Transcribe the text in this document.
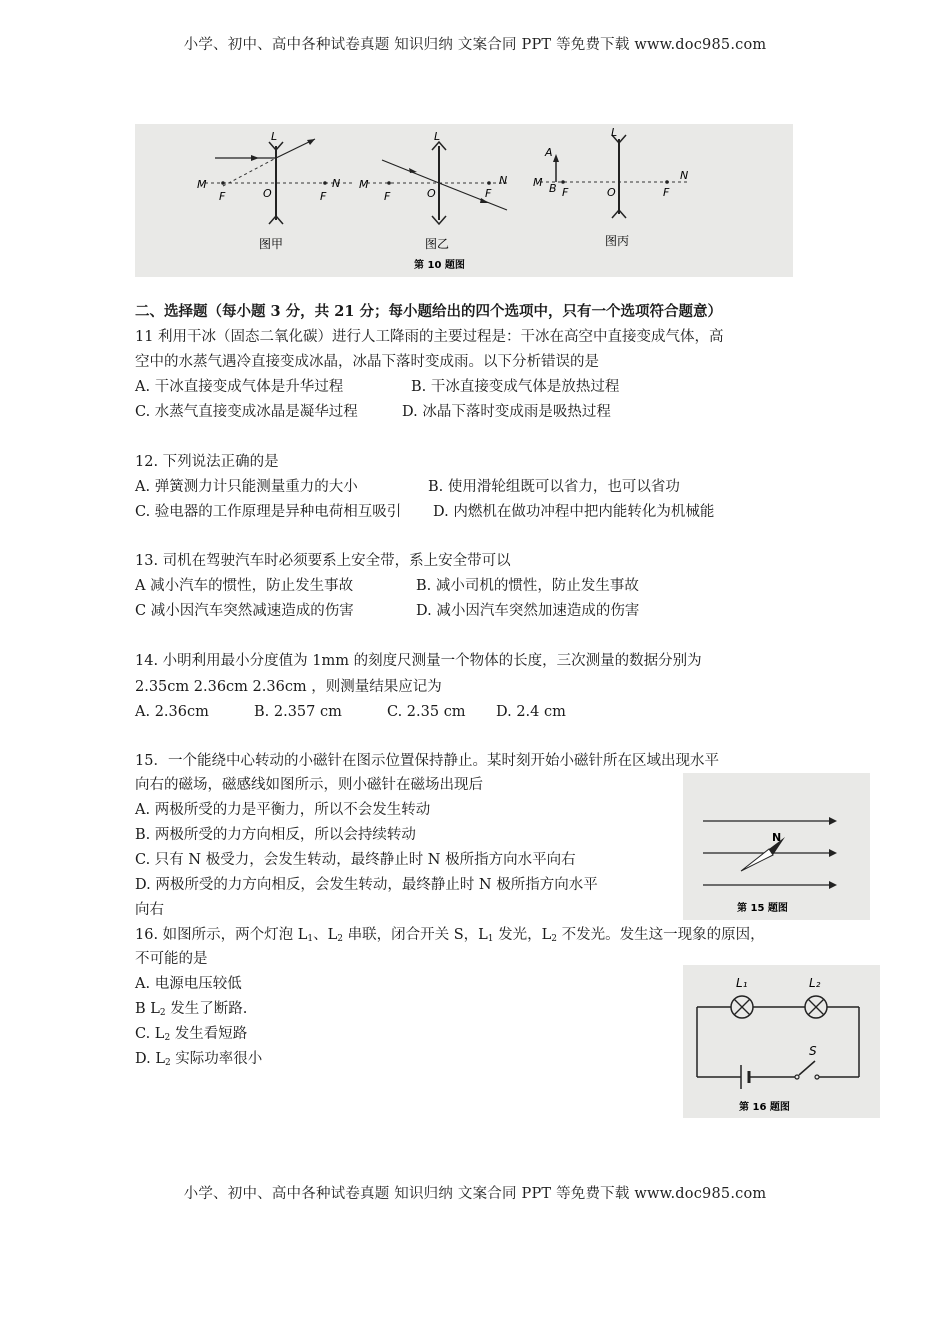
小学、初中、高中各种试卷真题 知识归纳 文案合同 PPT 等免费下载 www.doc985.com
M	N
L
O
F	F
图甲
M	N
L
O
F	F
图乙
M
N
L
O
A
B F	F
图丙
第 10 题图
二、选择题（每小题 3 分，共 21 分；每小题给出的四个选项中，只有一个选项符合题意）
11 利用干冰（固态二氧化碳）进行人工降雨的主要过程是：干冰在高空中直接变成气体，高
空中的水蒸气遇冷直接变成冰晶，冰晶下落时变成雨。以下分析错误的是
A. 干冰直接变成气体是升华过程	B. 干冰直接变成气体是放热过程
C. 水蒸气直接变成冰晶是凝华过程	D. 冰晶下落时变成雨是吸热过程
12. 下列说法正确的是
A. 弹簧测力计只能测量重力的大小	B. 使用滑轮组既可以省力，也可以省功
C. 验电器的工作原理是异种电荷相互吸引 D. 内燃机在做功冲程中把内能转化为机械能
13. 司机在驾驶汽车时必须要系上安全带，系上安全带可以
A 减小汽车的惯性，防止发生事故	B. 减小司机的惯性，防止发生事故
C 减小因汽车突然减速造成的伤害	D. 减小因汽车突然加速造成的伤害
14. 小明利用最小分度值为 1mm 的刻度尺测量一个物体的长度，三次测量的数据分别为
2.35cm 2.36cm 2.36cm ，则测量结果应记为
A. 2.36cm	B. 2.357 cm	C. 2.35 cm D. 2.4 cm
15．一个能绕中心转动的小磁针在图示位置保持静止。某时刻开始小磁针所在区域出现水平
向右的磁场，磁感线如图所示，则小磁针在磁场出现后
A. 两极所受的力是平衡力，所以不会发生转动
B. 两极所受的力方向相反，所以会持续转动
C. 只有 N 极受力，会发生转动，最终静止时 N 极所指方向水平向右
D. 两极所受的力方向相反，会发生转动，最终静止时 N 极所指方向水平
向右
N
第 15 题图
16. 如图所示，两个灯泡 $L_1$、$L_2$ 串联，闭合开关 S，$L_1$ 发光，$L_2$ 不发光。发生这一现象的原因，
不可能的是
A. 电源电压较低
B $L_2$ 发生了断路.
C. $L_2$ 发生看短路
D. $L_2$ 实际功率很小
L₁	L₂
S
第 16 题图
小学、初中、高中各种试卷真题 知识归纳 文案合同 PPT 等免费下载 www.doc985.com
